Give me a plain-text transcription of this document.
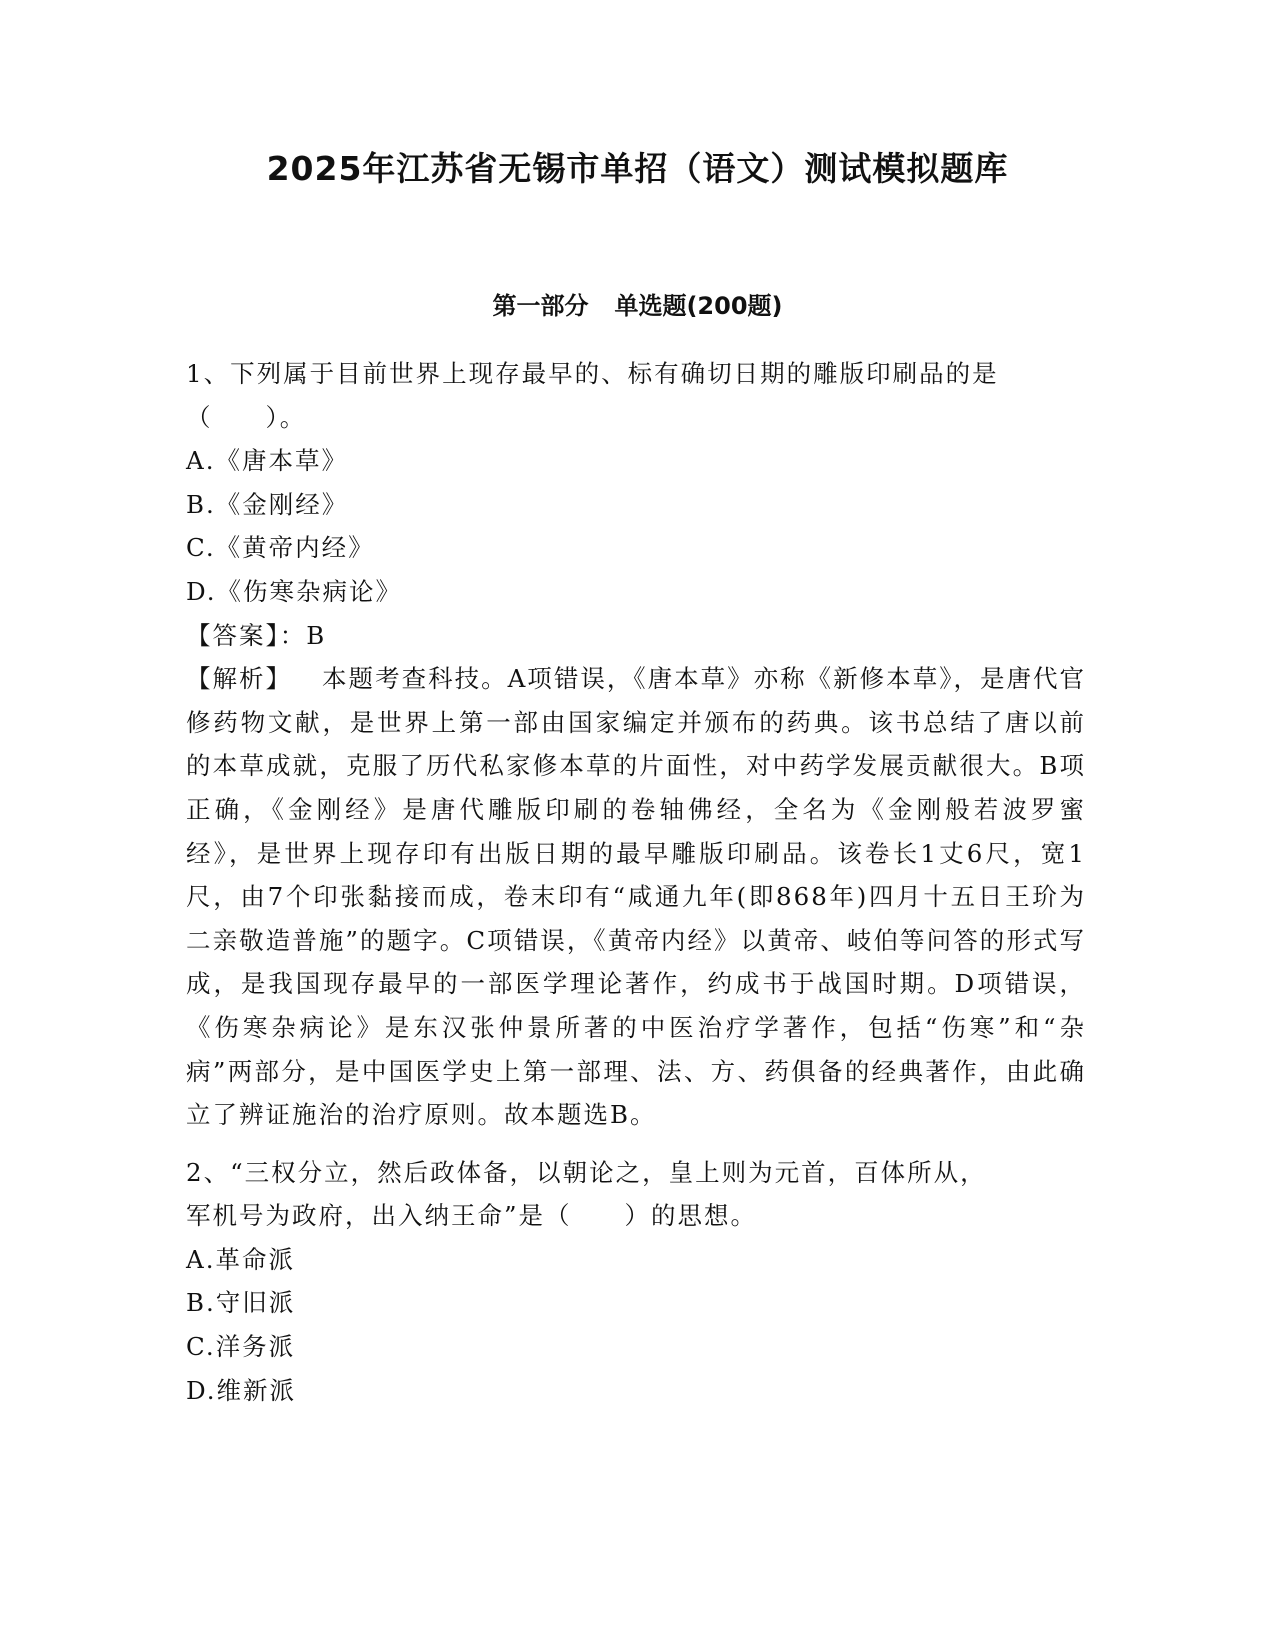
2025年江苏省无锡市单招（语文）测试模拟题库
第一部分 单选题(200题)

1、下列属于目前世界上现存最早的、标有确切日期的雕版印刷品的是

（　　）。

A.《唐本草》

B.《金刚经》

C.《黄帝内经》

D.《伤寒杂病论》

【答案】：B

【解析】 本题考查科技。A项错误，《唐本草》亦称《新修本草》，是唐代官修药物文献，是世界上第一部由国家编定并颁布的药典。该书总结了唐以前的本草成就，克服了历代私家修本草的片面性，对中药学发展贡献很大。B项正确，《金刚经》是唐代雕版印刷的卷轴佛经，全名为《金刚般若波罗蜜经》，是世界上现存印有出版日期的最早雕版印刷品。该卷长1丈6尺，宽1尺，由7个印张黏接而成，卷末印有“咸通九年(即868年)四月十五日王玠为二亲敬造普施”的题字。C项错误，《黄帝内经》以黄帝、岐伯等问答的形式写成，是我国现存最早的一部医学理论著作，约成书于战国时期。D项错误，《伤寒杂病论》是东汉张仲景所著的中医治疗学著作，包括“伤寒”和“杂病”两部分，是中国医学史上第一部理、法、方、药俱备的经典著作，由此确立了辨证施治的治疗原则。故本题选B。

2、“三权分立，然后政体备，以朝论之，皇上则为元首，百体所从，

军机号为政府，出入纳王命”是（　　）的思想。

A.革命派

B.守旧派

C.洋务派

D.维新派
